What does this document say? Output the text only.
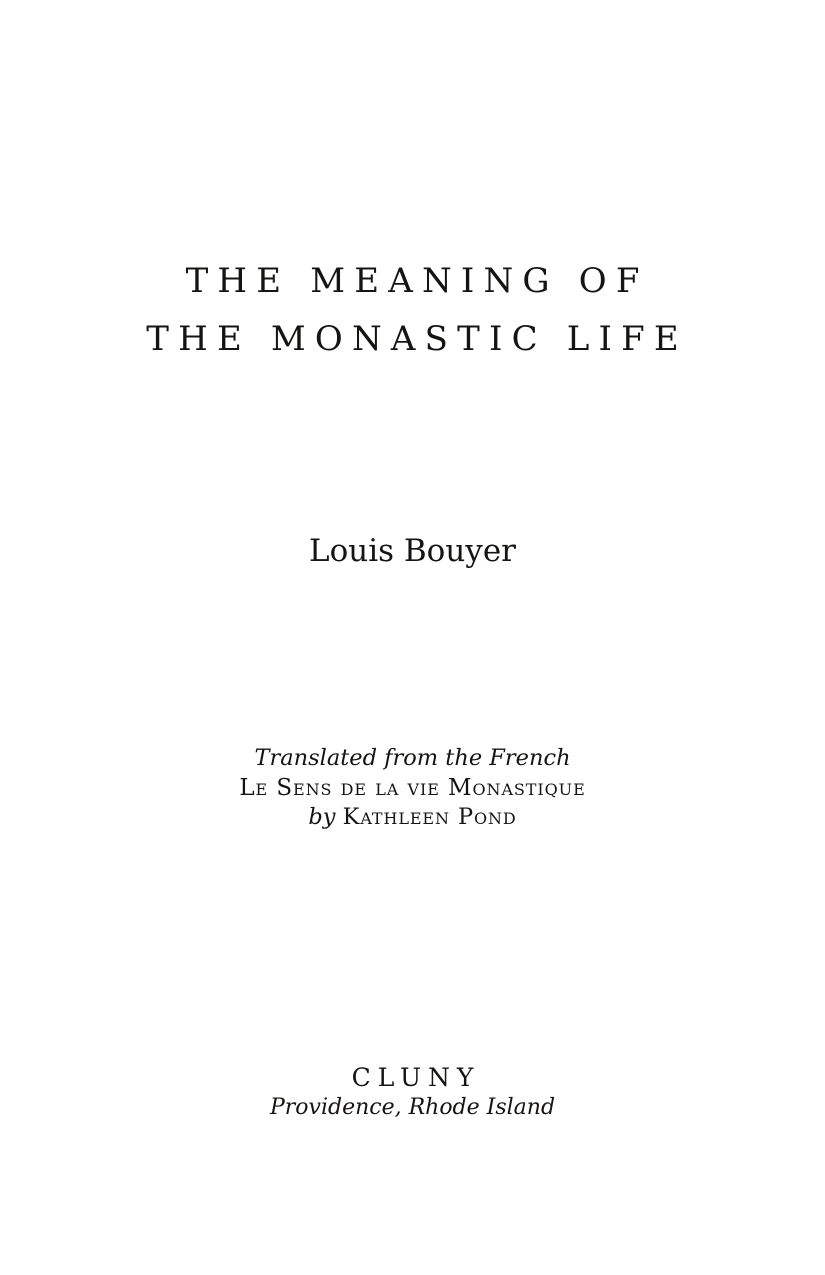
THE MEANING OF
THE MONASTIC LIFE
Louis Bouyer
Translated from the French
Le Sens de la vie Monastique
by Kathleen Pond
CLUNY
Providence, Rhode Island
